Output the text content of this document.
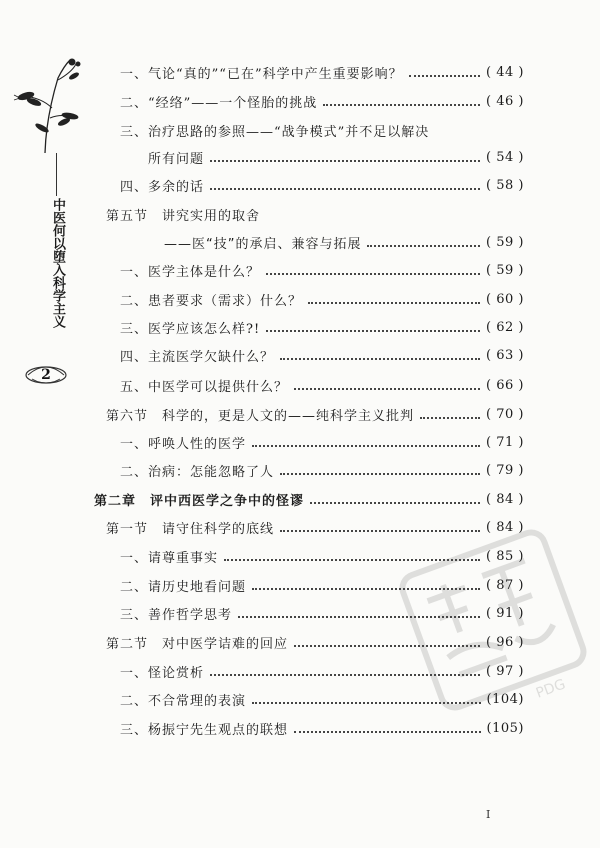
中医何以堕入科学主义
2
一、气论“真的”“已在”科学中产生重要影响？	( 44 )
二、“经络”——一个怪胎的挑战	( 46 )
三、治疗思路的参照——“战争模式”并不足以解决
所有问题	( 54 )
四、多余的话	( 58 )
第五节　讲究实用的取舍
——医“技”的承启、兼容与拓展	( 59 )
一、医学主体是什么？	( 59 )
二、患者要求（需求）什么？	( 60 )
三、医学应该怎么样?!	( 62 )
四、主流医学欠缺什么？	( 63 )
五、中医学可以提供什么？	( 66 )
第六节　科学的，更是人文的——纯科学主义批判	( 70 )
一、呼唤人性的医学	( 71 )
二、治病：怎能忽略了人	( 79 )
第二章　评中西医学之争中的怪谬	( 84 )
第一节　请守住科学的底线	( 84 )
一、请尊重事实	( 85 )
二、请历史地看问题	( 87 )
三、善作哲学思考	( 91 )
第二节　对中医学诘难的回应	( 96 )
一、怪论赏析	( 97 )
二、不合常理的表演	(104)
三、杨振宁先生观点的联想	(105)
PDG
I
